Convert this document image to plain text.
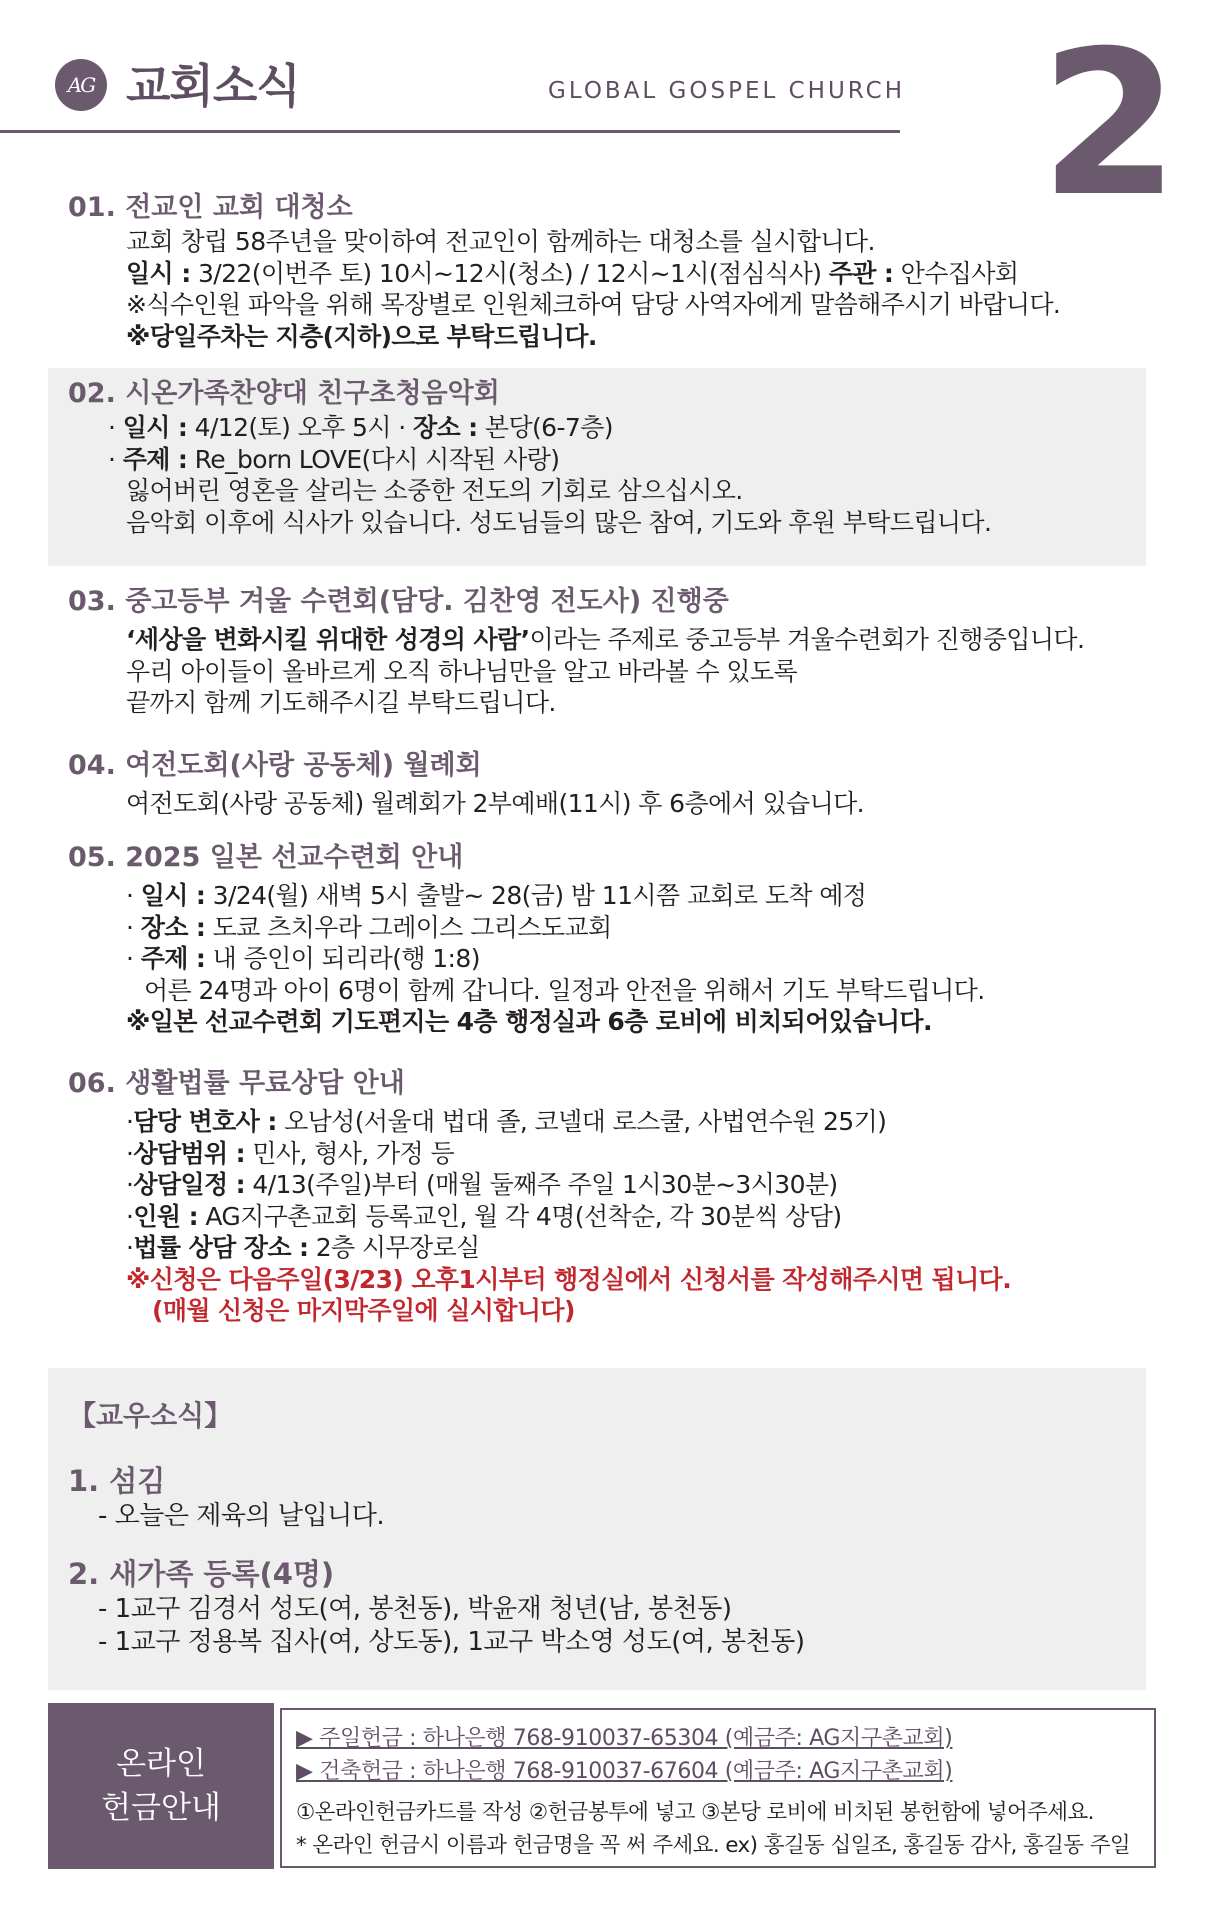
AG 교회소식	GLOBAL GOSPEL CHURCH 2
01. 전교인 교회 대청소
교회 창립 58주년을 맞이하여 전교인이 함께하는 대청소를 실시합니다.
일시 : 3/22(이번주 토) 10시~12시(청소) / 12시~1시(점심식사) 주관 : 안수집사회
※식수인원 파악을 위해 목장별로 인원체크하여 담당 사역자에게 말씀해주시기 바랍니다.
※당일주차는 지층(지하)으로 부탁드립니다.
02. 시온가족찬양대 친구초청음악회
· 일시 : 4/12(토) 오후 5시 · 장소 : 본당(6-7층)
· 주제 : Re_born LOVE(다시 시작된 사랑)
잃어버린 영혼을 살리는 소중한 전도의 기회로 삼으십시오.
음악회 이후에 식사가 있습니다. 성도님들의 많은 참여, 기도와 후원 부탁드립니다.
03. 중고등부 겨울 수련회(담당. 김찬영 전도사) 진행중
‘세상을 변화시킬 위대한 성경의 사람’이라는 주제로 중고등부 겨울수련회가 진행중입니다.
우리 아이들이 올바르게 오직 하나님만을 알고 바라볼 수 있도록
끝까지 함께 기도해주시길 부탁드립니다.
04. 여전도회(사랑 공동체) 월례회
여전도회(사랑 공동체) 월례회가 2부예배(11시) 후 6층에서 있습니다.
05. 2025 일본 선교수련회 안내
· 일시 : 3/24(월) 새벽 5시 출발~ 28(금) 밤 11시쯤 교회로 도착 예정
· 장소 : 도쿄 츠치우라 그레이스 그리스도교회
· 주제 : 내 증인이 되리라(행 1:8)
어른 24명과 아이 6명이 함께 갑니다. 일정과 안전을 위해서 기도 부탁드립니다.
※일본 선교수련회 기도편지는 4층 행정실과 6층 로비에 비치되어있습니다.
06. 생활법률 무료상담 안내
·담당 변호사 : 오남성(서울대 법대 졸, 코넬대 로스쿨, 사법연수원 25기)
·상담범위 : 민사, 형사, 가정 등
·상담일정 : 4/13(주일)부터 (매월 둘째주 주일 1시30분~3시30분)
·인원 : AG지구촌교회 등록교인, 월 각 4명(선착순, 각 30분씩 상담)
·법률 상담 장소 : 2층 시무장로실
※신청은 다음주일(3/23) 오후1시부터 행정실에서 신청서를 작성해주시면 됩니다.
(매월 신청은 마지막주일에 실시합니다)
【교우소식】
1. 섬김
- 오늘은 제육의 날입니다.
2. 새가족 등록(4명)
- 1교구 김경서 성도(여, 봉천동), 박윤재 청년(남, 봉천동)
- 1교구 정용복 집사(여, 상도동), 1교구 박소영 성도(여, 봉천동)
온라인
헌금안내
▶ 주일헌금 : 하나은행 768-910037-65304 (예금주: AG지구촌교회)
▶ 건축헌금 : 하나은행 768-910037-67604 (예금주: AG지구촌교회)
①온라인헌금카드를 작성 ②헌금봉투에 넣고 ③본당 로비에 비치된 봉헌함에 넣어주세요.
* 온라인 헌금시 이름과 헌금명을 꼭 써 주세요. ex) 홍길동 십일조, 홍길동 감사, 홍길동 주일
